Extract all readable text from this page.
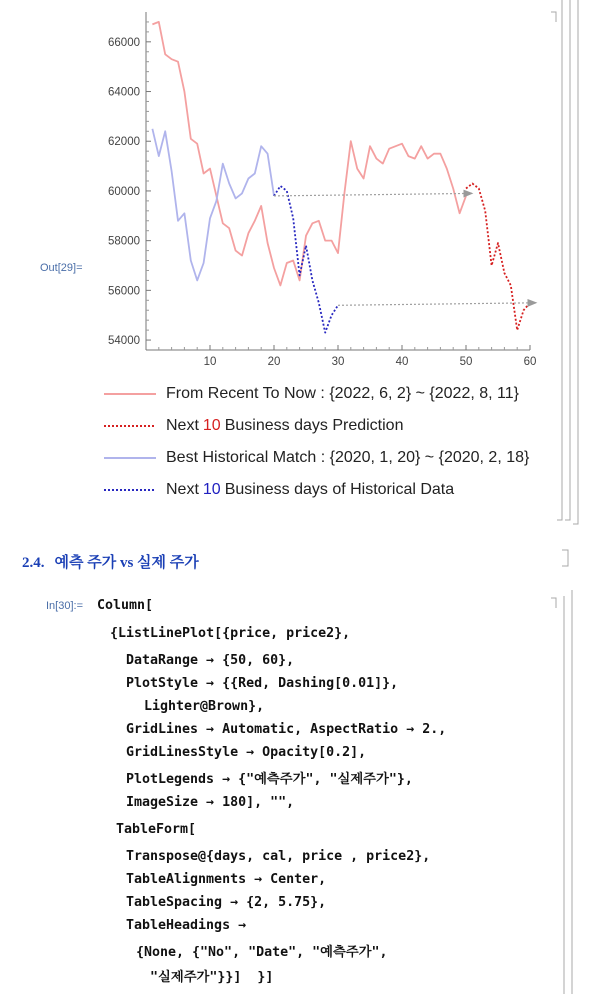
54000
56000
58000
60000
62000
64000
66000
10	20	30	40	50	60
Out[29]=
From Recent To Now : {2022, 6, 2} ~ {2022, 8, 11}
Next 10 Business days Prediction
Best Historical Match : {2020, 1, 20} ~ {2020, 2, 18}
Next 10 Business days of Historical Data
2.4. 예측 주가 vs 실제 주가
In[30]:=

Column[

{ListLinePlot[{price, price2},

DataRange → {50, 60},

PlotStyle → {{Red, Dashing[0.01]},

Lighter@Brown},

GridLines → Automatic, AspectRatio → 2.,

GridLinesStyle → Opacity[0.2],

PlotLegends → {"예측주가", "실제주가"},

ImageSize → 180], "",

TableForm[

Transpose@{days, cal, price , price2},

TableAlignments → Center,

TableSpacing → {2, 5.75},

TableHeadings →

{None, {"No", "Date", "예측주가",

"실제주가"}}]  }]
